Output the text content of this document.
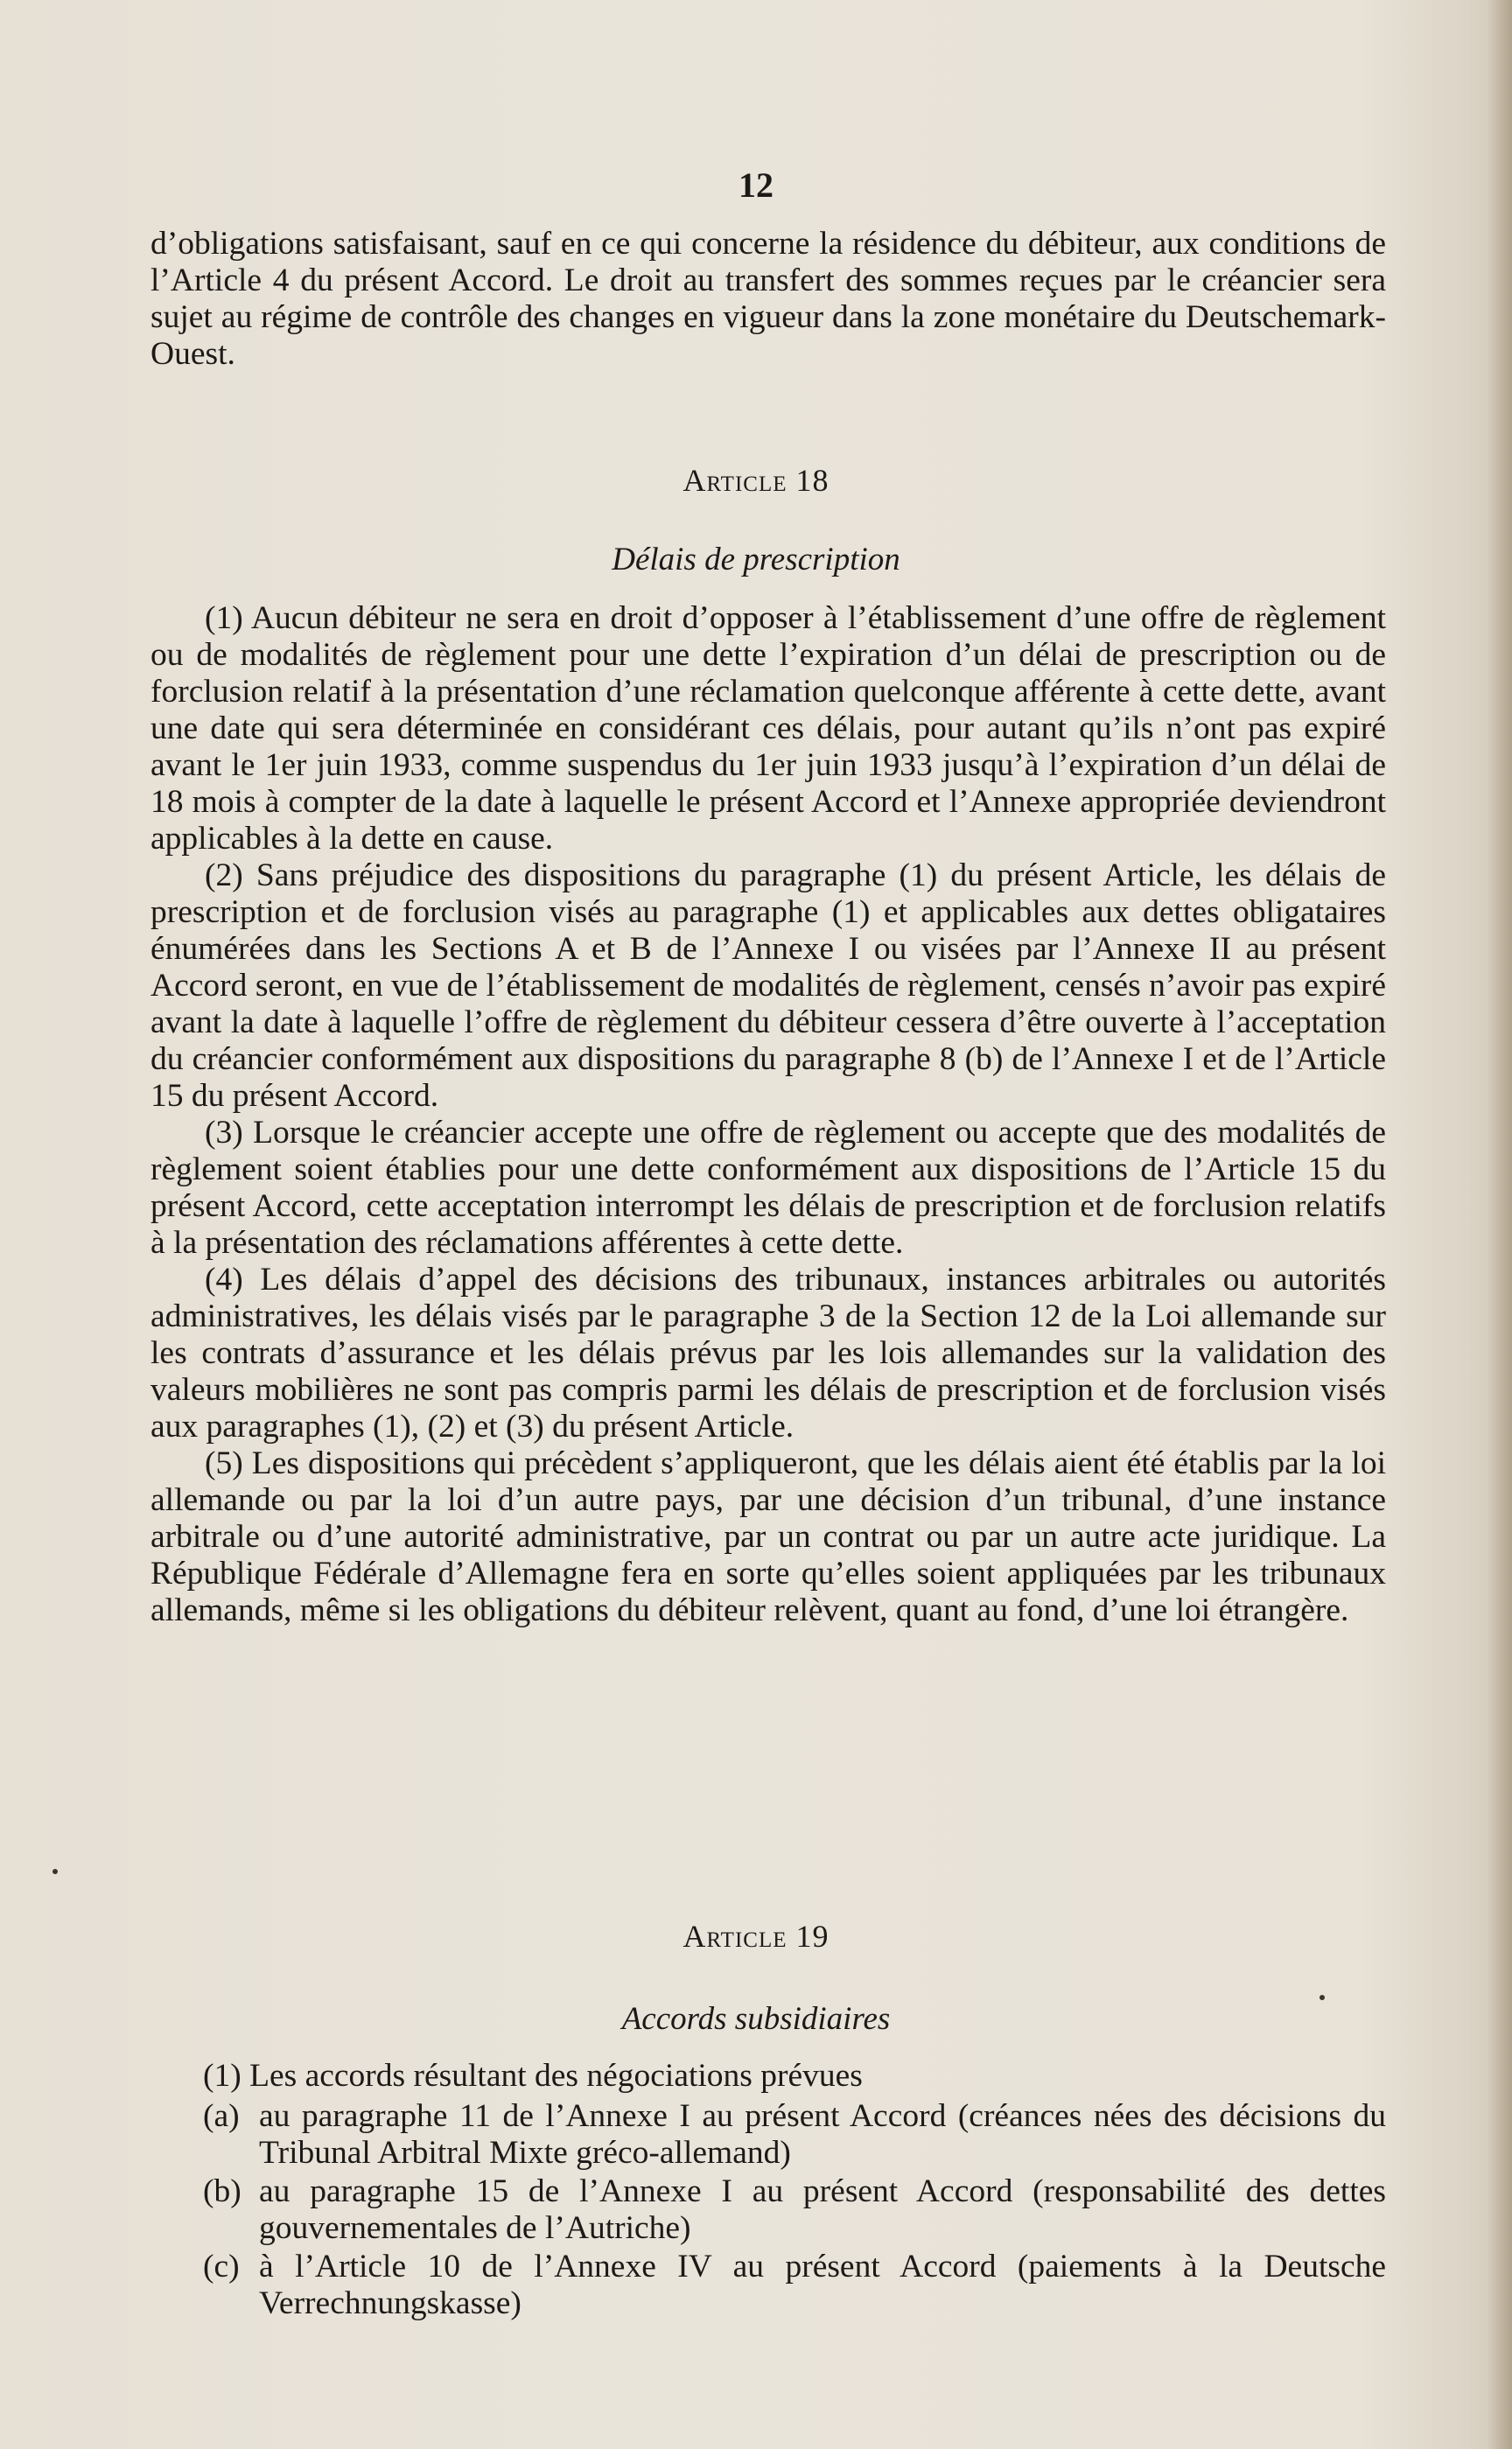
12

d’obligations satisfaisant, sauf en ce qui concerne la résidence du débiteur, aux conditions de l’Article 4 du présent Accord. Le droit au transfert des sommes reçues par le créancier sera sujet au régime de contrôle des changes en vigueur dans la zone monétaire du Deutschemark-Ouest.

Article 18

Délais de prescription

(1) Aucun débiteur ne sera en droit d’opposer à l’établissement d’une offre de règlement ou de modalités de règlement pour une dette l’expiration d’un délai de prescription ou de forclusion relatif à la présentation d’une réclamation quelconque afférente à cette dette, avant une date qui sera déterminée en considérant ces délais, pour autant qu’ils n’ont pas expiré avant le 1er juin 1933, comme suspendus du 1er juin 1933 jusqu’à l’expiration d’un délai de 18 mois à compter de la date à laquelle le présent Accord et l’Annexe appropriée deviendront applicables à la dette en cause.

(2) Sans préjudice des dispositions du paragraphe (1) du présent Article, les délais de prescription et de forclusion visés au paragraphe (1) et applicables aux dettes obligataires énumérées dans les Sections A et B de l’Annexe I ou visées par l’Annexe II au présent Accord seront, en vue de l’établissement de modalités de règlement, censés n’avoir pas expiré avant la date à laquelle l’offre de règlement du débiteur cessera d’être ouverte à l’acceptation du créancier conformément aux dispositions du paragraphe 8 (b) de l’Annexe I et de l’Article 15 du présent Accord.

(3) Lorsque le créancier accepte une offre de règlement ou accepte que des modalités de règlement soient établies pour une dette conformément aux dispositions de l’Article 15 du présent Accord, cette acceptation interrompt les délais de prescription et de forclusion relatifs à la présentation des réclamations afférentes à cette dette.

(4) Les délais d’appel des décisions des tribunaux, instances arbitrales ou autorités administratives, les délais visés par le paragraphe 3 de la Section 12 de la Loi allemande sur les contrats d’assurance et les délais prévus par les lois allemandes sur la validation des valeurs mobilières ne sont pas compris parmi les délais de prescription et de forclusion visés aux paragraphes (1), (2) et (3) du présent Article.

(5) Les dispositions qui précèdent s’appliqueront, que les délais aient été établis par la loi allemande ou par la loi d’un autre pays, par une décision d’un tribunal, d’une instance arbitrale ou d’une autorité administrative, par un contrat ou par un autre acte juridique. La République Fédérale d’Allemagne fera en sorte qu’elles soient appliquées par les tribunaux allemands, même si les obligations du débiteur relèvent, quant au fond, d’une loi étrangère.

Article 19

Accords subsidiaires

(1) Les accords résultant des négociations prévues

(a) au paragraphe 11 de l’Annexe I au présent Accord (créances nées des décisions du Tribunal Arbitral Mixte gréco-allemand)
(b) au paragraphe 15 de l’Annexe I au présent Accord (responsabilité des dettes gouvernementales de l’Autriche)
(c) à l’Article 10 de l’Annexe IV au présent Accord (paiements à la Deutsche Verrechnungskasse)
